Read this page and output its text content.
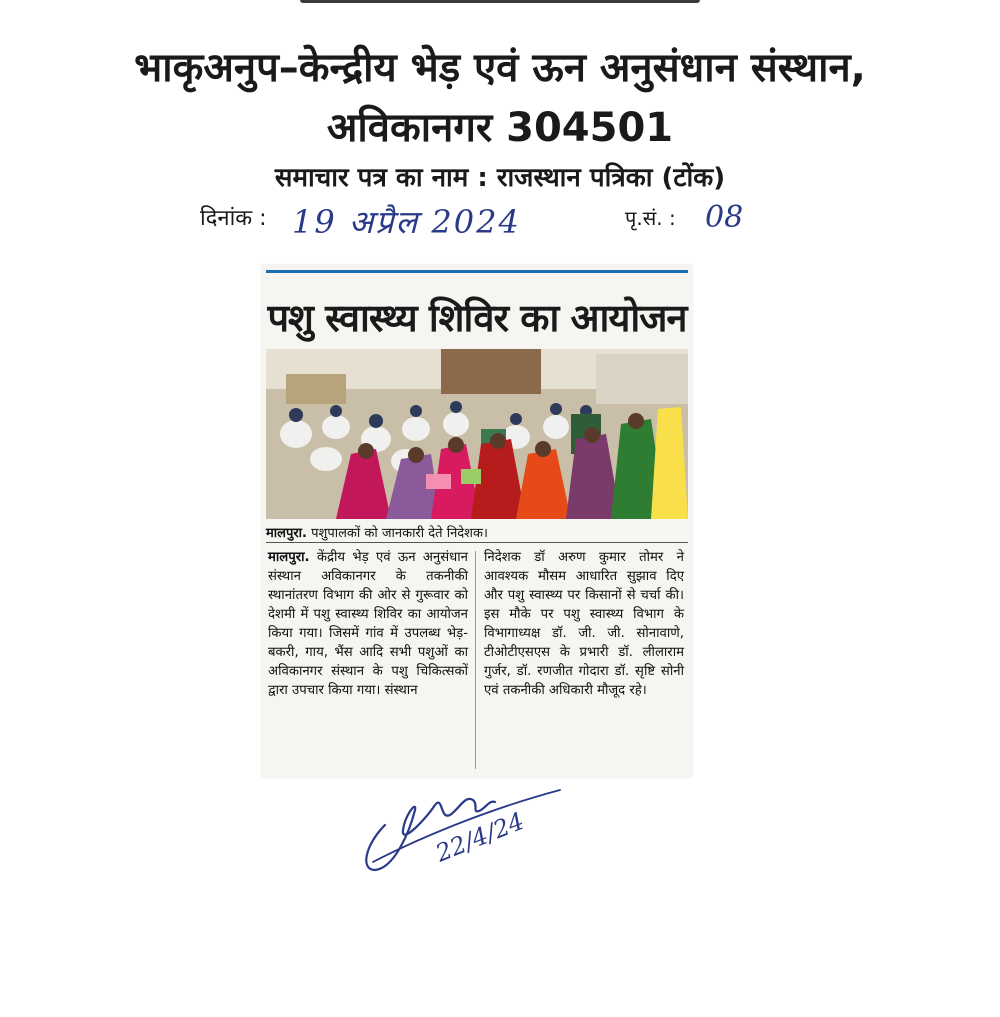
भाकृअनुप–केन्द्रीय भेड़ एवं ऊन अनुसंधान संस्थान,
अविकानगर 304501
समाचार पत्र का नाम : राजस्थान पत्रिका (टोंक)
दिनांक : 19 अप्रैल 2024	पृ.सं. : 08
पशु स्वास्थ्य शिविर का आयोजन
मालपुरा. पशुपालकों को जानकारी देते निदेशक।
मालपुरा. केंद्रीय भेड़ एवं ऊन अनुसंधान संस्थान अविकानगर के तकनीकी स्थानांतरण विभाग की ओर से गुरूवार को देशमी में पशु स्वास्थ्य शिविर का आयोजन किया गया। जिसमें गांव में उपलब्ध भेड़-बकरी, गाय, भैंस आदि सभी पशुओं का अविकानगर संस्थान के पशु चिकित्सकों द्वारा उपचार किया गया। संस्थान
निदेशक डॉ अरुण कुमार तोमर ने आवश्यक मौसम आधारित सुझाव दिए और पशु स्वास्थ्य पर किसानों से चर्चा की। इस मौके पर पशु स्वास्थ्य विभाग के विभागाध्यक्ष डॉ. जी. जी. सोनावाणे, टीओटीएसएस के प्रभारी डॉ. लीलाराम गुर्जर, डॉ. रणजीत गोदारा डॉ. सृष्टि सोनी एवं तकनीकी अधिकारी मौजूद रहे।
22/4/24
